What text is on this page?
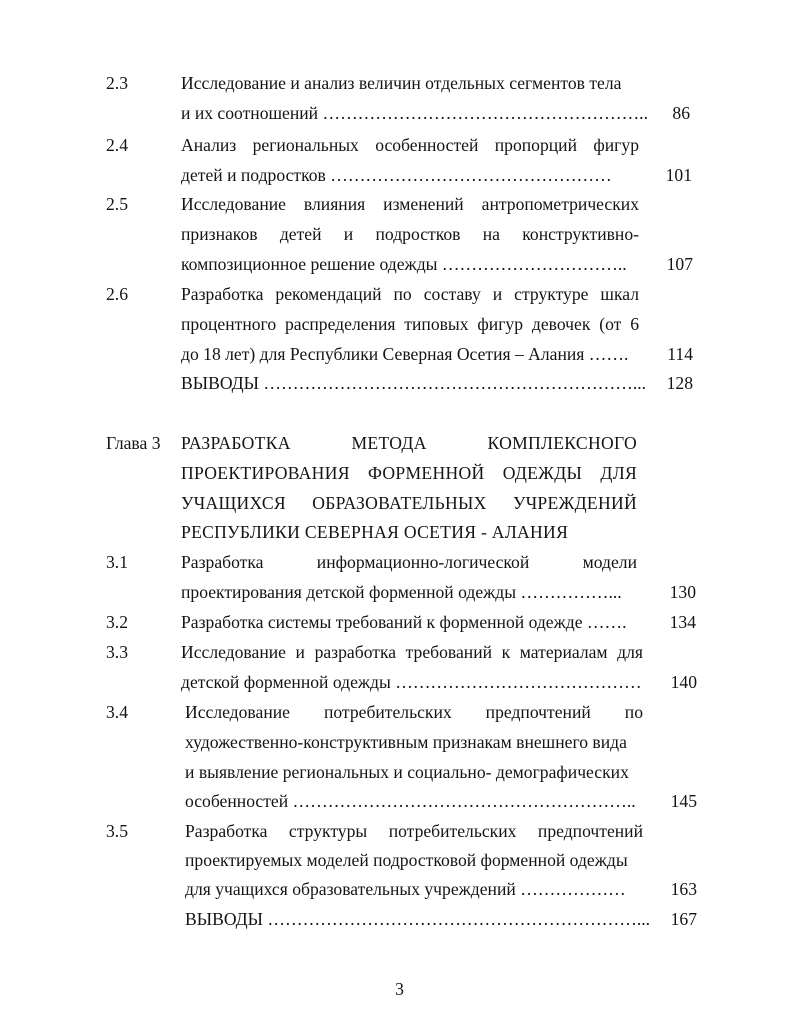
2.3	Исследование и анализ величин отдельных сегментов тела
и их соотношений ………………………………………………..	86
2.4	Анализ региональных особенностей пропорций фигур
детей и подростков …………………………………………	101
2.5	Исследование влияния изменений антропометрических
признаков детей и подростков на конструктивно-
композиционное решение одежды …………………………..	107
2.6	Разработка рекомендаций по составу и структуре шкал
процентного распределения типовых фигур девочек (от 6
до 18 лет) для Республики Северная Осетия – Алания …….	114
ВЫВОДЫ ………………………………………………………...	128
Глава 3 РАЗРАБОТКА МЕТОДА КОМПЛЕКСНОГО
ПРОЕКТИРОВАНИЯ ФОРМЕННОЙ ОДЕЖДЫ ДЛЯ
УЧАЩИХСЯ ОБРАЗОВАТЕЛЬНЫХ УЧРЕЖДЕНИЙ
РЕСПУБЛИКИ СЕВЕРНАЯ ОСЕТИЯ - АЛАНИЯ
3.1	Разработка информационно-логической модели
проектирования детской форменной одежды ……………...	130
3.2	Разработка системы требований к форменной одежде …….	134
3.3	Исследование и разработка требований к материалам для
детской форменной одежды ……………………………………	140
3.4	Исследование потребительских предпочтений по
художественно-конструктивным признакам внешнего вида
и выявление региональных и социально- демографических
особенностей …………………………………………………..	145
3.5	Разработка структуры потребительских предпочтений
проектируемых моделей подростковой форменной одежды
для учащихся образовательных учреждений ………………	163
ВЫВОДЫ ………………………………………………………...	167
3
